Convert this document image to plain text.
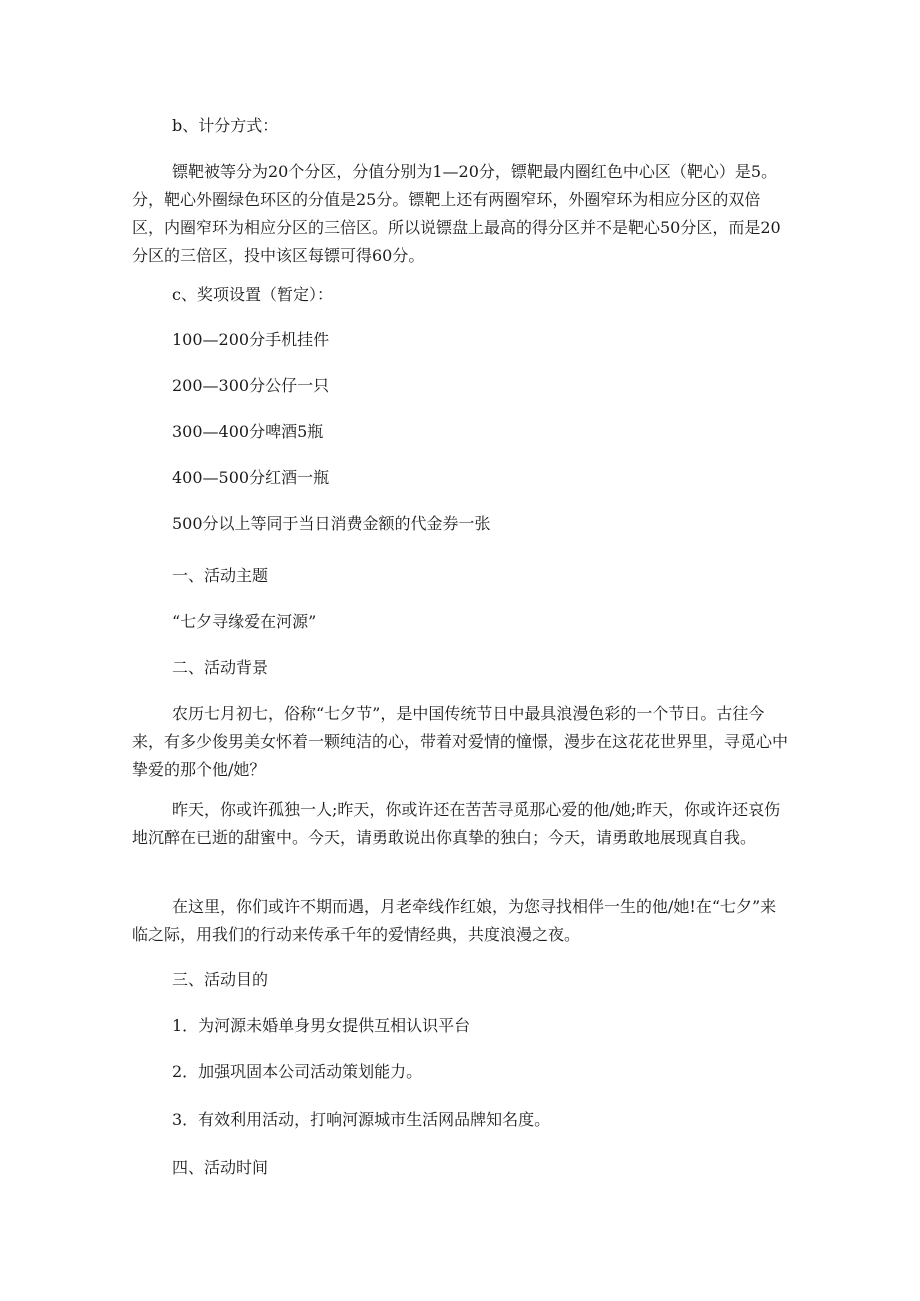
b、计分方式：

镖靶被等分为20个分区，分值分别为1—20分，镖靶最内圈红色中心区（靶心）是5。分，靶心外圈绿色环区的分值是25分。镖靶上还有两圈窄环，外圈窄环为相应分区的双倍区，内圈窄环为相应分区的三倍区。所以说镖盘上最高的得分区并不是靶心50分区，而是20分区的三倍区，投中该区每镖可得60分。

c、奖项设置（暂定）：

100—200分手机挂件

200—300分公仔一只

300—400分啤酒5瓶

400—500分红酒一瓶

500分以上等同于当日消费金额的代金券一张

一、活动主题

“七夕寻缘爱在河源”

二、活动背景

农历七月初七，俗称“七夕节”，是中国传统节日中最具浪漫色彩的一个节日。古往今来，有多少俊男美女怀着一颗纯洁的心，带着对爱情的憧憬，漫步在这花花世界里，寻觅心中挚爱的那个他/她？

昨天，你或许孤独一人;昨天，你或许还在苦苦寻觅那心爱的他/她;昨天，你或许还哀伤地沉醉在已逝的甜蜜中。今天，请勇敢说出你真挚的独白；今天，请勇敢地展现真自我。

在这里，你们或许不期而遇，月老牵线作红娘，为您寻找相伴一生的他/她!在“七夕”来临之际，用我们的行动来传承千年的爱情经典，共度浪漫之夜。

三、活动目的

1．为河源未婚单身男女提供互相认识平台

2．加强巩固本公司活动策划能力。

3．有效利用活动，打响河源城市生活网品牌知名度。

四、活动时间
